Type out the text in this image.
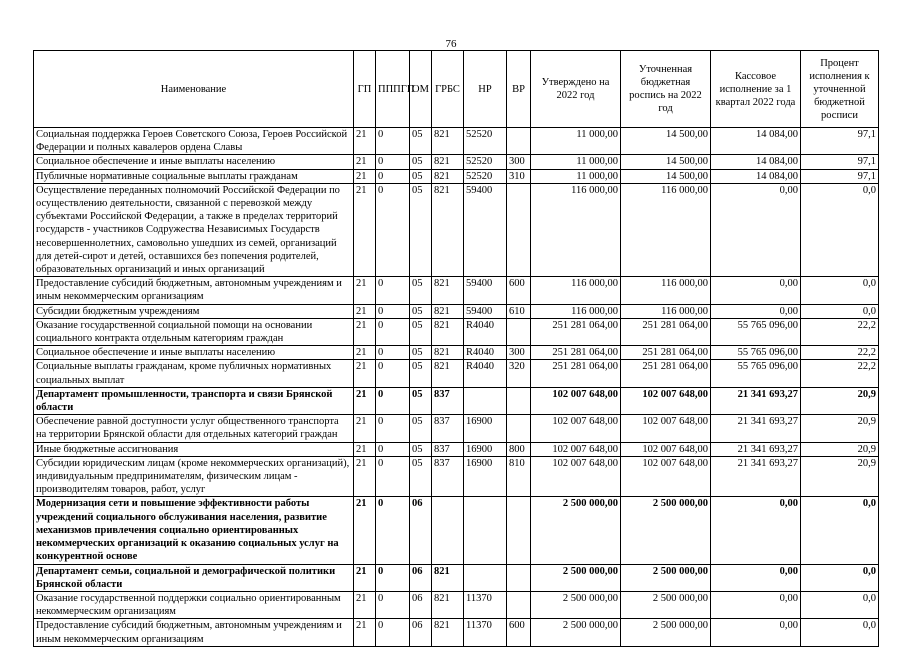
76
Наименование	ГП	ПППГП	ОМ	ГРБС	НР	ВР	Утверждено на 2022 год	Уточненная бюджетная роспись на 2022 год	Кассовое исполнение за 1 квартал 2022 года	Процент исполнения к уточненной бюджетной росписи
Социальная поддержка Героев Советского Союза, Героев Российской Федерации и полных кавалеров ордена Славы	21	0	05	821	52520		11 000,00	14 500,00	14 084,00	97,1
Социальное обеспечение и иные выплаты населению	21	0	05	821	52520	300	11 000,00	14 500,00	14 084,00	97,1
Публичные нормативные социальные выплаты гражданам	21	0	05	821	52520	310	11 000,00	14 500,00	14 084,00	97,1
Осуществление переданных полномочий Российской Федерации по осуществлению деятельности, связанной с перевозкой между субъектами Российской Федерации, а также в пределах территорий государств - участников Содружества Независимых Государств несовершеннолетних, самовольно ушедших из семей, организаций для детей-сирот и детей, оставшихся без попечения родителей, образовательных организаций и иных организаций	21	0	05	821	59400		116 000,00	116 000,00	0,00	0,0
Предоставление субсидий бюджетным, автономным учреждениям и иным некоммерческим организациям	21	0	05	821	59400	600	116 000,00	116 000,00	0,00	0,0
Субсидии бюджетным учреждениям	21	0	05	821	59400	610	116 000,00	116 000,00	0,00	0,0
Оказание государственной социальной помощи на основании социального контракта отдельным категориям граждан	21	0	05	821	R4040		251 281 064,00	251 281 064,00	55 765 096,00	22,2
Социальное обеспечение и иные выплаты населению	21	0	05	821	R4040	300	251 281 064,00	251 281 064,00	55 765 096,00	22,2
Социальные выплаты гражданам, кроме публичных нормативных социальных выплат	21	0	05	821	R4040	320	251 281 064,00	251 281 064,00	55 765 096,00	22,2
Департамент промышленности, транспорта и связи Брянской области	21	0	05	837			102 007 648,00	102 007 648,00	21 341 693,27	20,9
Обеспечение равной доступности услуг общественного транспорта на территории Брянской области для отдельных категорий граждан	21	0	05	837	16900		102 007 648,00	102 007 648,00	21 341 693,27	20,9
Иные бюджетные ассигнования	21	0	05	837	16900	800	102 007 648,00	102 007 648,00	21 341 693,27	20,9
Субсидии юридическим лицам (кроме некоммерческих организаций), индивидуальным предпринимателям, физическим лицам - производителям товаров, работ, услуг	21	0	05	837	16900	810	102 007 648,00	102 007 648,00	21 341 693,27	20,9
Модернизация сети и повышение эффективности работы учреждений социального обслуживания населения, развитие механизмов привлечения социально ориентированных некоммерческих организаций к оказанию социальных услуг на конкурентной основе	21	0	06				2 500 000,00	2 500 000,00	0,00	0,0
Департамент семьи, социальной и демографической политики Брянской области	21	0	06	821			2 500 000,00	2 500 000,00	0,00	0,0
Оказание государственной поддержки социально ориентированным некоммерческим организациям	21	0	06	821	11370		2 500 000,00	2 500 000,00	0,00	0,0
Предоставление субсидий бюджетным, автономным учреждениям и иным некоммерческим организациям	21	0	06	821	11370	600	2 500 000,00	2 500 000,00	0,00	0,0
